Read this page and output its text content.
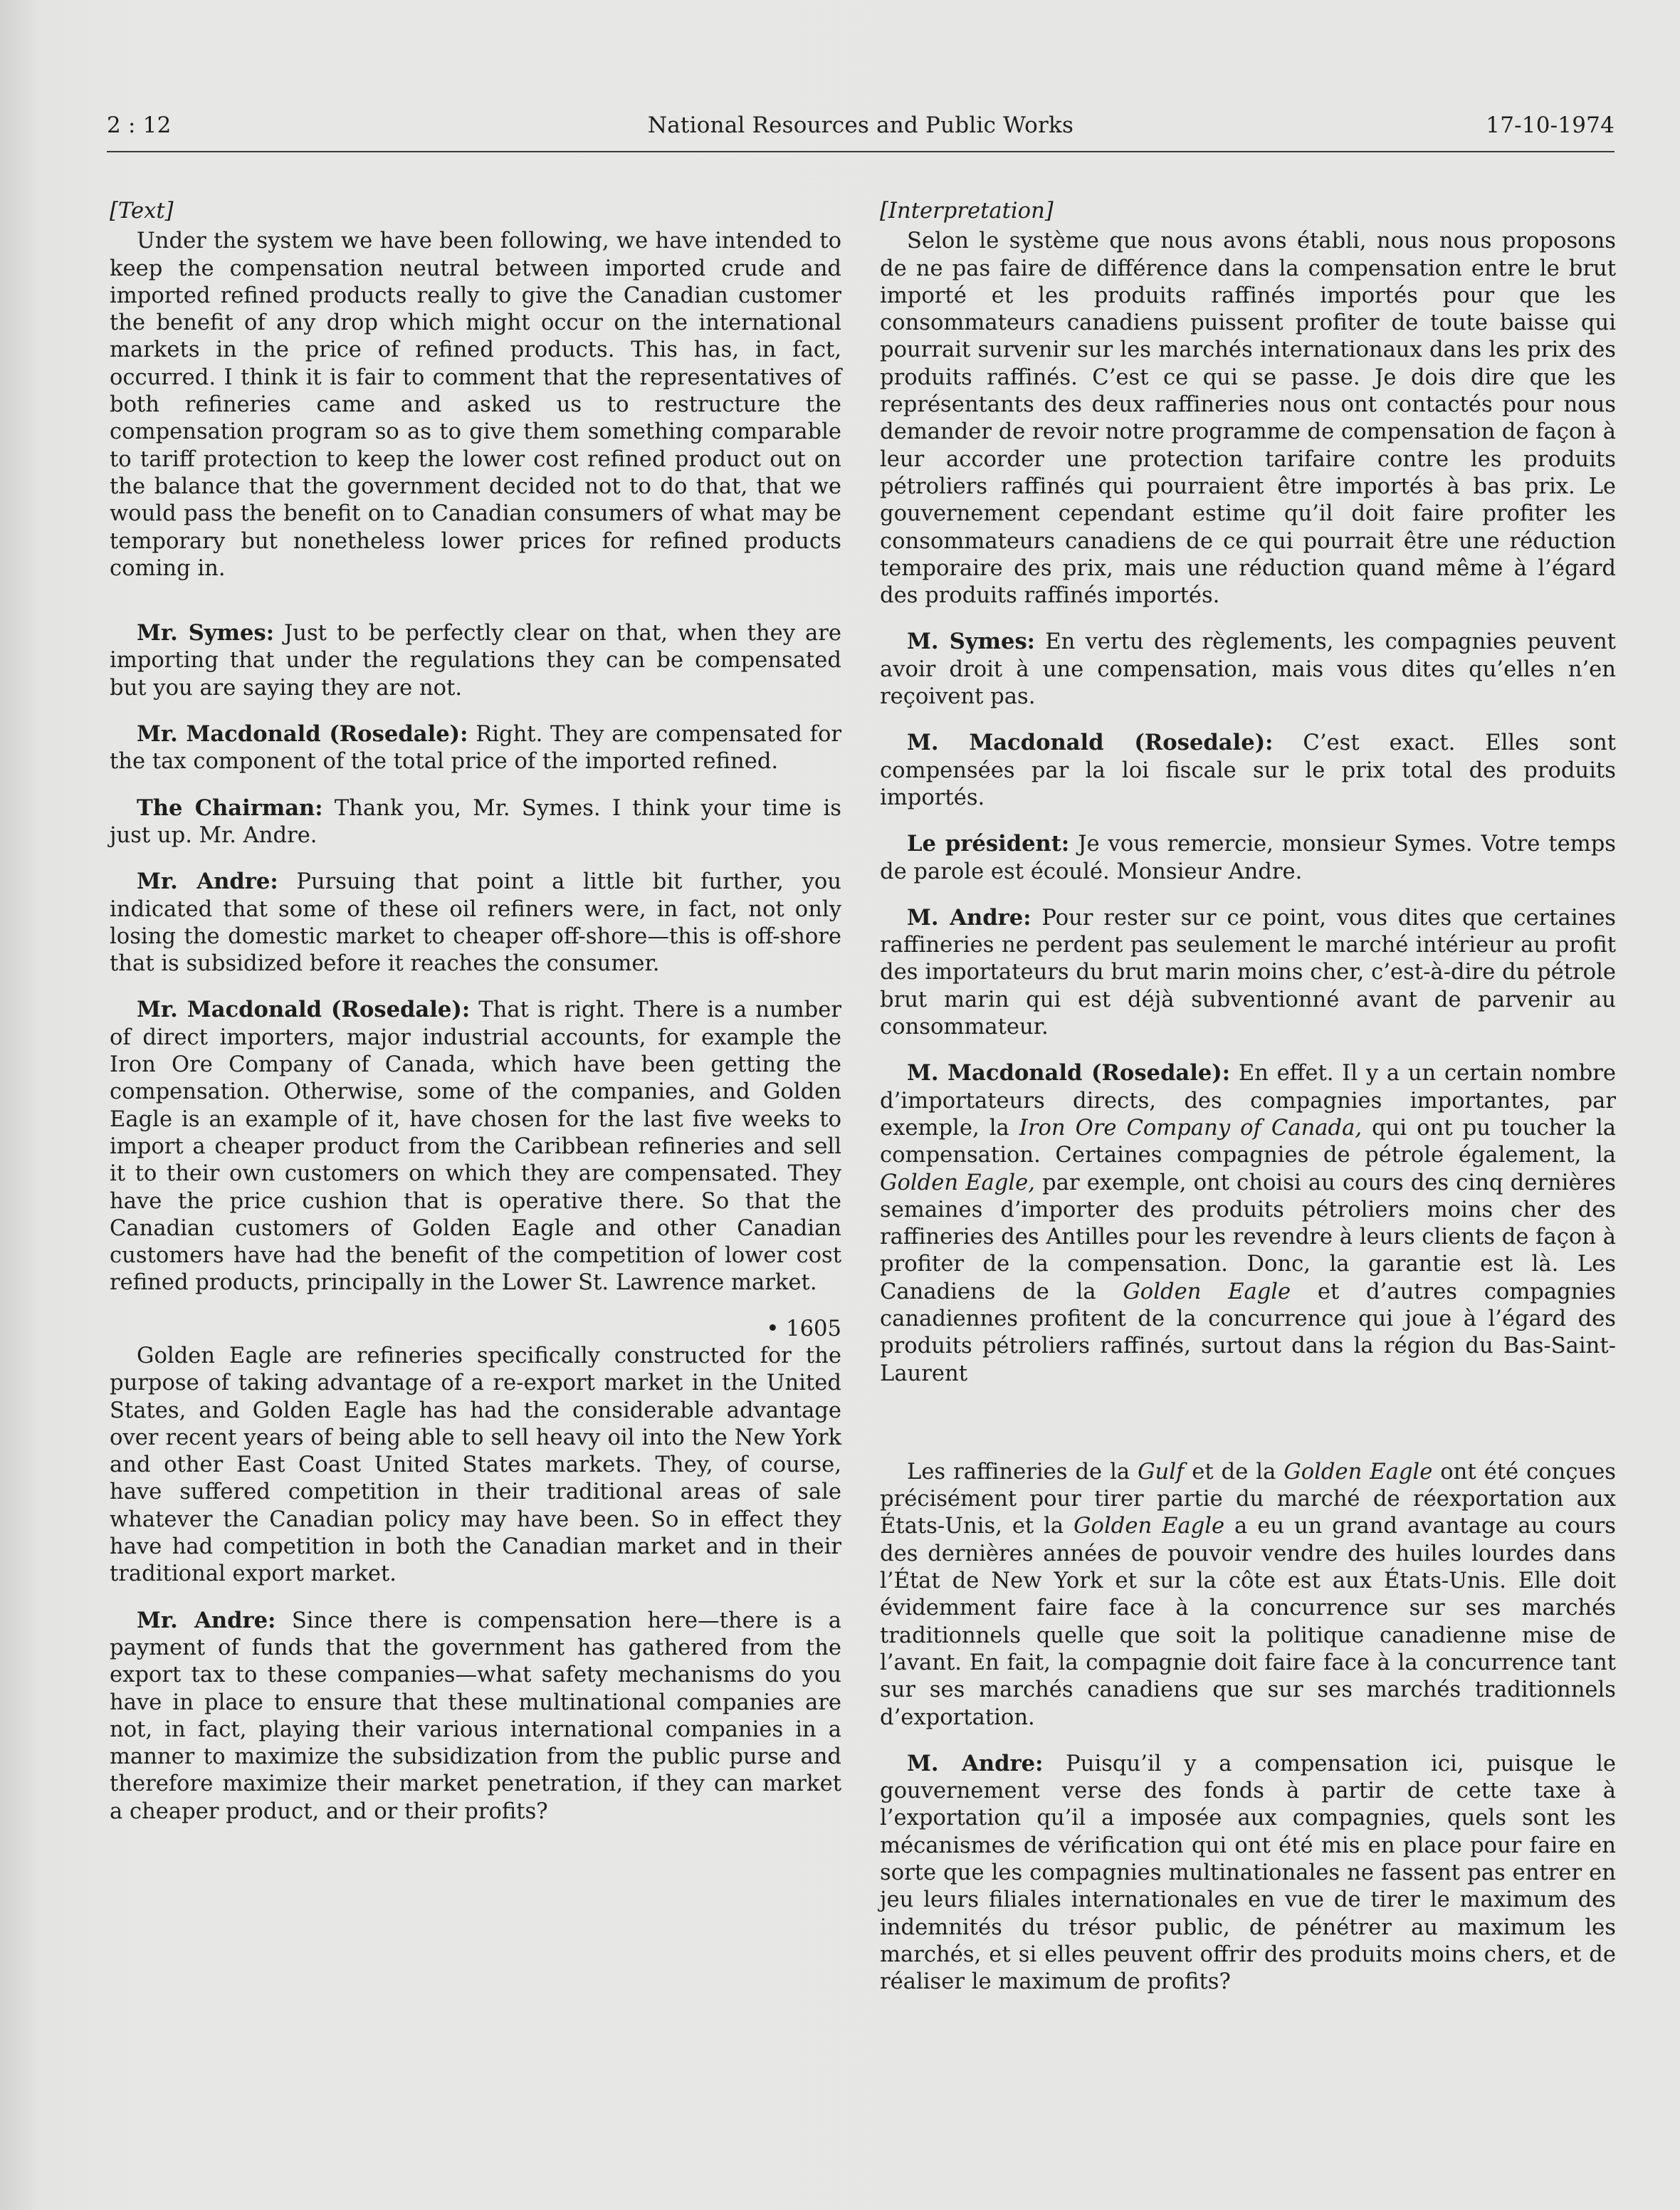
2 : 12	National Resources and Public Works	17-10-1974
[Text]

Under the system we have been following, we have intended to keep the compensation neutral between imported crude and imported refined products really to give the Canadian customer the benefit of any drop which might occur on the international markets in the price of refined products. This has, in fact, occurred. I think it is fair to comment that the representatives of both refineries came and asked us to restructure the compensation program so as to give them something comparable to tariff protection to keep the lower cost refined product out on the balance that the government decided not to do that, that we would pass the benefit on to Canadian consumers of what may be temporary but nonetheless lower prices for refined products coming in.

Mr. Symes: Just to be perfectly clear on that, when they are importing that under the regulations they can be compensated but you are saying they are not.

Mr. Macdonald (Rosedale): Right. They are compensated for the tax component of the total price of the imported refined.

The Chairman: Thank you, Mr. Symes. I think your time is just up. Mr. Andre.

Mr. Andre: Pursuing that point a little bit further, you indicated that some of these oil refiners were, in fact, not only losing the domestic market to cheaper off-shore—this is off-shore that is subsidized before it reaches the consumer.

Mr. Macdonald (Rosedale): That is right. There is a number of direct importers, major industrial accounts, for example the Iron Ore Company of Canada, which have been getting the compensation. Otherwise, some of the companies, and Golden Eagle is an example of it, have chosen for the last five weeks to import a cheaper product from the Caribbean refineries and sell it to their own customers on which they are compensated. They have the price cushion that is operative there. So that the Canadian customers of Golden Eagle and other Canadian customers have had the benefit of the competition of lower cost refined products, principally in the Lower St. Lawrence market.

• 1605

Golden Eagle are refineries specifically constructed for the purpose of taking advantage of a re-export market in the United States, and Golden Eagle has had the considerable advantage over recent years of being able to sell heavy oil into the New York and other East Coast United States markets. They, of course, have suffered competition in their traditional areas of sale whatever the Canadian policy may have been. So in effect they have had competition in both the Canadian market and in their traditional export market.

Mr. Andre: Since there is compensation here—there is a payment of funds that the government has gathered from the export tax to these companies—what safety mechanisms do you have in place to ensure that these multinational companies are not, in fact, playing their various international companies in a manner to maximize the subsidization from the public purse and therefore maximize their market penetration, if they can market a cheaper product, and or their profits?

[Interpretation]

Selon le système que nous avons établi, nous nous proposons de ne pas faire de différence dans la compensation entre le brut importé et les produits raffinés importés pour que les consommateurs canadiens puissent profiter de toute baisse qui pourrait survenir sur les marchés internationaux dans les prix des produits raffinés. C’est ce qui se passe. Je dois dire que les représentants des deux raffineries nous ont contactés pour nous demander de revoir notre programme de compensation de façon à leur accorder une protection tarifaire contre les produits pétroliers raffinés qui pourraient être importés à bas prix. Le gouvernement cependant estime qu’il doit faire profiter les consommateurs canadiens de ce qui pourrait être une réduction temporaire des prix, mais une réduction quand même à l’égard des produits raffinés importés.

M. Symes: En vertu des règlements, les compagnies peuvent avoir droit à une compensation, mais vous dites qu’elles n’en reçoivent pas.

M. Macdonald (Rosedale): C’est exact. Elles sont compensées par la loi fiscale sur le prix total des produits importés.

Le président: Je vous remercie, monsieur Symes. Votre temps de parole est écoulé. Monsieur Andre.

M. Andre: Pour rester sur ce point, vous dites que certaines raffineries ne perdent pas seulement le marché intérieur au profit des importateurs du brut marin moins cher, c’est-à-dire du pétrole brut marin qui est déjà subventionné avant de parvenir au consommateur.

M. Macdonald (Rosedale): En effet. Il y a un certain nombre d’importateurs directs, des compagnies importantes, par exemple, la Iron Ore Company of Canada, qui ont pu toucher la compensation. Certaines compagnies de pétrole également, la Golden Eagle, par exemple, ont choisi au cours des cinq dernières semaines d’importer des produits pétroliers moins cher des raffineries des Antilles pour les revendre à leurs clients de façon à profiter de la compensation. Donc, la garantie est là. Les Canadiens de la Golden Eagle et d’autres compagnies canadiennes profitent de la concurrence qui joue à l’égard des produits pétroliers raffinés, surtout dans la région du Bas-Saint-Laurent

Les raffineries de la Gulf et de la Golden Eagle ont été conçues précisément pour tirer partie du marché de réexportation aux États-Unis, et la Golden Eagle a eu un grand avantage au cours des dernières années de pouvoir vendre des huiles lourdes dans l’État de New York et sur la côte est aux États-Unis. Elle doit évidemment faire face à la concurrence sur ses marchés traditionnels quelle que soit la politique canadienne mise de l’avant. En fait, la compagnie doit faire face à la concurrence tant sur ses marchés canadiens que sur ses marchés traditionnels d’exportation.

M. Andre: Puisqu’il y a compensation ici, puisque le gouvernement verse des fonds à partir de cette taxe à l’exportation qu’il a imposée aux compagnies, quels sont les mécanismes de vérification qui ont été mis en place pour faire en sorte que les compagnies multinationales ne fassent pas entrer en jeu leurs filiales internationales en vue de tirer le maximum des indemnités du trésor public, de pénétrer au maximum les marchés, et si elles peuvent offrir des produits moins chers, et de réaliser le maximum de profits?
